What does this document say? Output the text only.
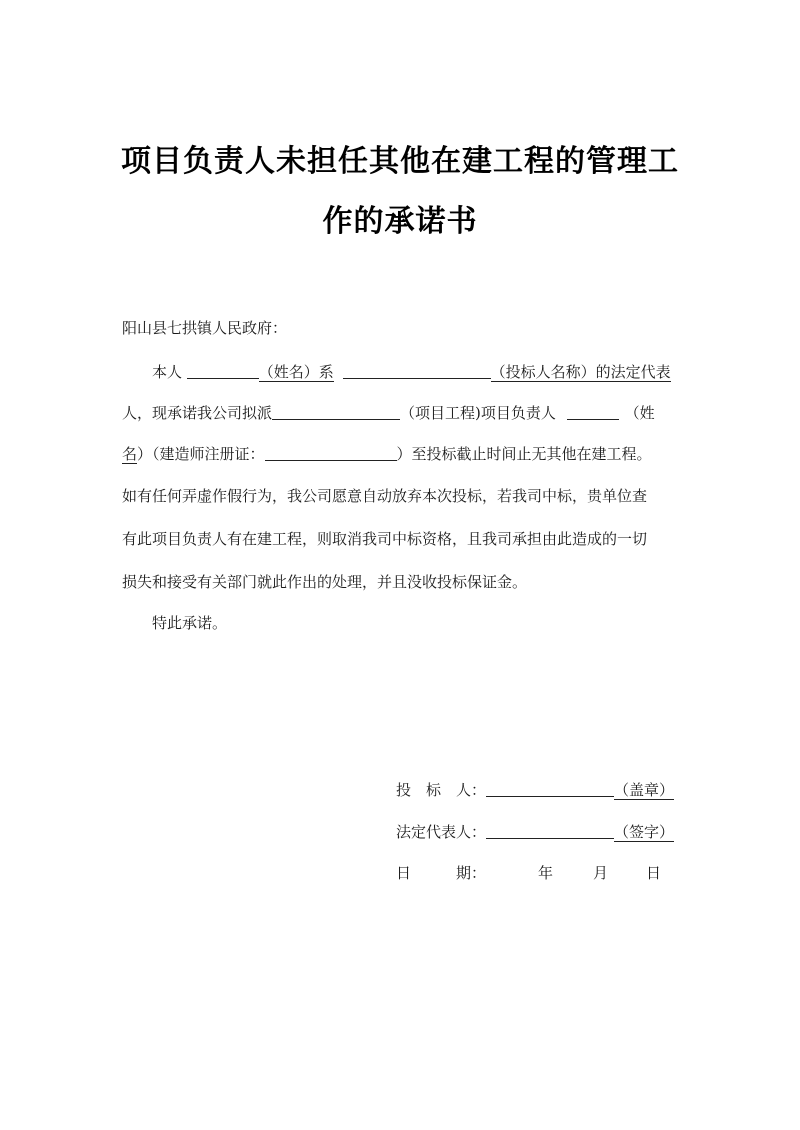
项目负责人未担任其他在建工程的管理工
作的承诺书
阳山县七拱镇人民政府：
本人	（姓名）系	（投标人名称）的法定代表
人，现承诺我公司拟派	（项目工程)项目负责人	（姓
名）（建造师注册证：	）至投标截止时间止无其他在建工程。
如有任何弄虚作假行为，我公司愿意自动放弃本次投标，若我司中标，贵单位查
有此项目负责人有在建工程，则取消我司中标资格，且我司承担由此造成的一切
损失和接受有关部门就此作出的处理，并且没收投标保证金。
特此承诺。
投　标　人：	（盖章）
法定代表人：	（签字）
日　　　期：	年	月	日
